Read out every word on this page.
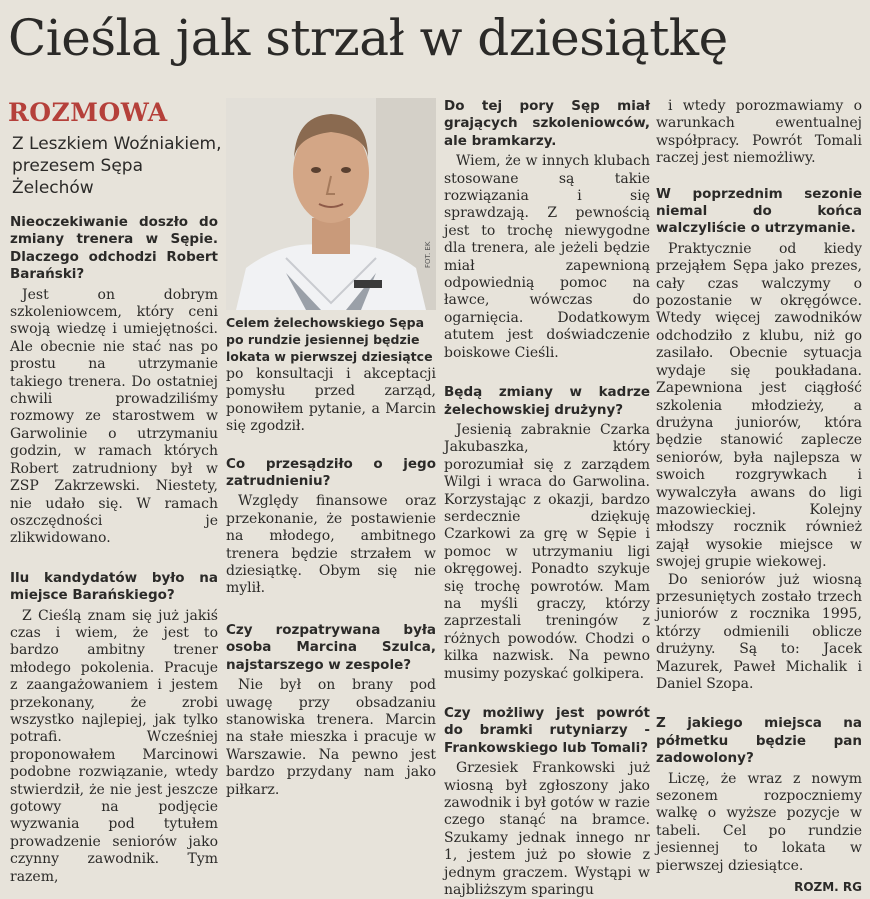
Cieśla jak strzał w dziesiątkę
ROZMOWA
Z Leszkiem Woźniakiem, prezesem Sępa Żelechów
FOT. EK
Celem żelechowskiego Sępa po rundzie jesiennej będzie lokata w pierwszej dziesiątce

Nieoczekiwanie doszło do zmiany trenera w Sępie. Dlaczego odchodzi Robert Barański?

Jest on dobrym szkoleniowcem, który ceni swoją wiedzę i umiejętności. Ale obecnie nie stać nas po prostu na utrzymanie takiego trenera. Do ostatniej chwili prowadziliśmy rozmowy ze starostwem w Garwolinie o utrzymaniu godzin, w ramach których Robert zatrudniony był w ZSP Zakrzewski. Niestety, nie udało się. W ramach oszczędności je zlikwidowano.

Ilu kandydatów było na miejsce Barańskiego?

Z Cieślą znam się już jakiś czas i wiem, że jest to bardzo ambitny trener młodego pokolenia. Pracuje z zaangażowaniem i jestem przekonany, że zrobi wszystko najlepiej, jak tylko potrafi. Wcześniej proponowałem Marcinowi podobne rozwiązanie, wtedy stwierdził, że nie jest jeszcze gotowy na podjęcie wyzwania pod tytułem prowadzenie seniorów jako czynny zawodnik. Tym razem,

po konsultacji i akceptacji pomysłu przed zarząd, ponowiłem pytanie, a Marcin się zgodził.

Co przesądziło o jego zatrudnieniu?

Względy finansowe oraz przekonanie, że postawienie na młodego, ambitnego trenera będzie strzałem w dziesiątkę. Obym się nie mylił.

Czy rozpatrywana była osoba Marcina Szulca, najstarszego w zespole?

Nie był on brany pod uwagę przy obsadzaniu stanowiska trenera. Marcin na stałe mieszka i pracuje w Warszawie. Na pewno jest bardzo przydany nam jako piłkarz.

Do tej pory Sęp miał grających szkoleniowców, ale bramkarzy.

Wiem, że w innych klubach stosowane są takie rozwiązania i się sprawdzają. Z pewnością jest to trochę niewygodne dla trenera, ale jeżeli będzie miał zapewnioną odpowiednią pomoc na ławce, wówczas do ogarnięcia. Dodatkowym atutem jest doświadczenie boiskowe Cieśli.

Będą zmiany w kadrze żelechowskiej drużyny?

Jesienią zabraknie Czarka Jakubaszka, który porozumiał się z zarządem Wilgi i wraca do Garwolina. Korzystając z okazji, bardzo serdecznie dziękuję Czarkowi za grę w Sępie i pomoc w utrzymaniu ligi okręgowej. Ponadto szykuje się trochę powrotów. Mam na myśli graczy, którzy zaprzestali treningów z różnych powodów. Chodzi o kilka nazwisk. Na pewno musimy pozyskać golkipera.

Czy możliwy jest powrót do bramki rutyniarzy - Frankowskiego lub Tomali?

Grzesiek Frankowski już wiosną był zgłoszony jako zawodnik i był gotów w razie czego stanąć na bramce. Szukamy jednak innego nr 1, jestem już po słowie z jednym graczem. Wystąpi w najbliższym sparingu

i wtedy porozmawiamy o warunkach ewentualnej współpracy. Powrót Tomali raczej jest niemożliwy.

W poprzednim sezonie niemal do końca walczyliście o utrzymanie.

Praktycznie od kiedy przejąłem Sępa jako prezes, cały czas walczymy o pozostanie w okręgówce. Wtedy więcej zawodników odchodziło z klubu, niż go zasilało. Obecnie sytuacja wydaje się poukładana. Zapewniona jest ciągłość szkolenia młodzieży, a drużyna juniorów, która będzie stanowić zaplecze seniorów, była najlepsza w swoich rozgrywkach i wywalczyła awans do ligi mazowieckiej. Kolejny młodszy rocznik również zajął wysokie miejsce w swojej grupie wiekowej.

Do seniorów już wiosną przesuniętych zostało trzech juniorów z rocznika 1995, którzy odmienili oblicze drużyny. Są to: Jacek Mazurek, Paweł Michalik i Daniel Szopa.

Z jakiego miejsca na półmetku będzie pan zadowolony?

Liczę, że wraz z nowym sezonem rozpoczniemy walkę o wyższe pozycje w tabeli. Cel po rundzie jesiennej to lokata w pierwszej dziesiątce.

ROZM. RG
